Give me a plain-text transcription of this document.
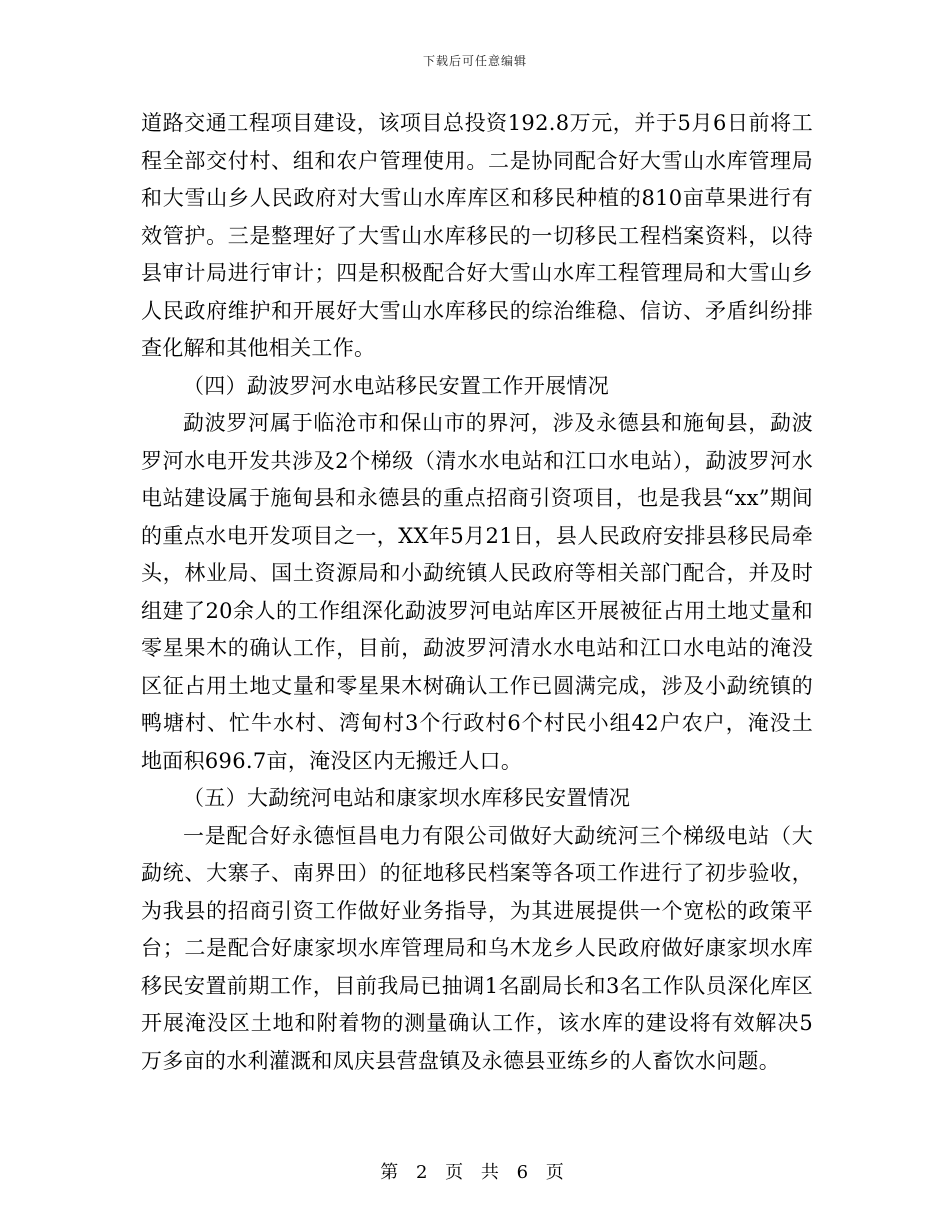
下载后可任意编辑

道路交通工程项目建设，该项目总投资192.8万元，并于5月6日前将工程全部交付村、组和农户管理使用。二是协同配合好大雪山水库管理局和大雪山乡人民政府对大雪山水库库区和移民种植的810亩草果进行有效管护。三是整理好了大雪山水库移民的一切移民工程档案资料，以待县审计局进行审计；四是积极配合好大雪山水库工程管理局和大雪山乡人民政府维护和开展好大雪山水库移民的综治维稳、信访、矛盾纠纷排查化解和其他相关工作。

（四）勐波罗河水电站移民安置工作开展情况

勐波罗河属于临沧市和保山市的界河，涉及永德县和施甸县，勐波罗河水电开发共涉及2个梯级（清水水电站和江口水电站），勐波罗河水电站建设属于施甸县和永德县的重点招商引资项目，也是我县“xx”期间的重点水电开发项目之一，XX年5月21日，县人民政府安排县移民局牵头，林业局、国土资源局和小勐统镇人民政府等相关部门配合，并及时组建了20余人的工作组深化勐波罗河电站库区开展被征占用土地丈量和零星果木的确认工作，目前，勐波罗河清水水电站和江口水电站的淹没区征占用土地丈量和零星果木树确认工作已圆满完成，涉及小勐统镇的鸭塘村、忙牛水村、湾甸村3个行政村6个村民小组42户农户，淹没土地面积696.7亩，淹没区内无搬迁人口。

（五）大勐统河电站和康家坝水库移民安置情况

一是配合好永德恒昌电力有限公司做好大勐统河三个梯级电站（大勐统、大寨子、南界田）的征地移民档案等各项工作进行了初步验收，为我县的招商引资工作做好业务指导，为其进展提供一个宽松的政策平台；二是配合好康家坝水库管理局和乌木龙乡人民政府做好康家坝水库移民安置前期工作，目前我局已抽调1名副局长和3名工作队员深化库区开展淹没区土地和附着物的测量确认工作，该水库的建设将有效解决5万多亩的水利灌溉和凤庆县营盘镇及永德县亚练乡的人畜饮水问题。

第 2 页 共 6 页
